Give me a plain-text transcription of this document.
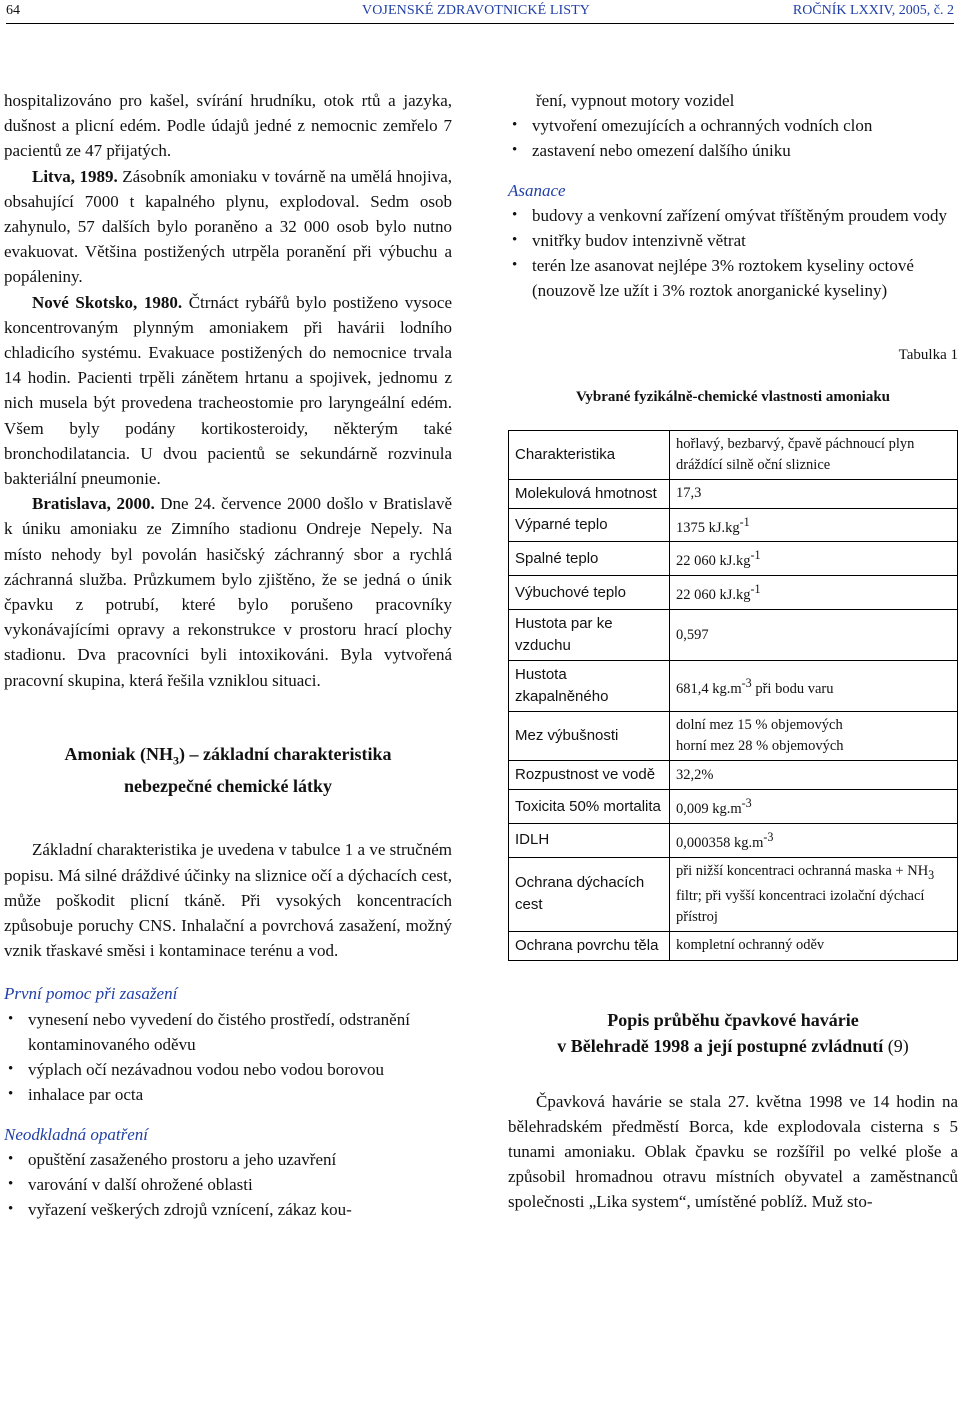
64	VOJENSKÉ ZDRAVOTNICKÉ LISTY	ROČNÍK LXXIV, 2005, č. 2

hospitalizováno pro kašel, svírání hrudníku, otok rtů a jazyka, dušnost a plicní edém. Podle údajů jedné z nemocnic zemřelo 7 pacientů ze 47 přijatých.

Litva, 1989. Zásobník amoniaku v továrně na umělá hnojiva, obsahující 7000 t kapalného plynu, explodoval. Sedm osob zahynulo, 57 dalších bylo poraněno a 32 000 osob bylo nutno evakuovat. Většina postižených utrpěla poranění při výbuchu a popáleniny.

Nové Skotsko, 1980. Čtrnáct rybářů bylo postiženo vysoce koncentrovaným plynným amoniakem při havárii lodního chladicího systému. Evakuace postižených do nemocnice trvala 14 hodin. Pacienti trpěli zánětem hrtanu a spojivek, jednomu z nich musela být provedena tracheostomie pro laryngeální edém. Všem byly podány kortikosteroidy, některým také bronchodilatancia. U dvou pacientů se sekundárně rozvinula bakteriální pneumonie.

Bratislava, 2000. Dne 24. července 2000 došlo v Bratislavě k úniku amoniaku ze Zimního stadionu Ondreje Nepely. Na místo nehody byl povolán hasičský záchranný sbor a rychlá záchranná služba. Průzkumem bylo zjištěno, že se jedná o únik čpavku z potrubí, které bylo porušeno pracovníky vykonávajícími opravy a rekonstrukce v prostoru hrací plochy stadionu. Dva pracovníci byli intoxikováni. Byla vytvořená pracovní skupina, která řešila vzniklou situaci.

Amoniak $(NH_3)$ – základní charakteristika
nebezpečné chemické látky

Základní charakteristika je uvedena v tabulce 1 a ve stručném popisu. Má silné dráždivé účinky na sliznice očí a dýchacích cest, může poškodit plicní tkáně. Při vysokých koncentracích způsobuje poruchy CNS. Inhalační a povrchová zasažení, možný vznik třaskavé směsi i kontaminace terénu a vod.

První pomoc při zasažení

• vynesení nebo vyvedení do čistého prostředí, odstranění kontaminovaného oděvu
• výplach očí nezávadnou vodou nebo vodou borovou
• inhalace par octa

Neodkladná opatření

• opuštění zasaženého prostoru a jeho uzavření
• varování v další ohrožené oblasti
• vyřazení veškerých zdrojů vznícení, zákaz kou-

ření, vypnout motory vozidel

• vytvoření omezujících a ochranných vodních clon
• zastavení nebo omezení dalšího úniku

Asanace

• budovy a venkovní zařízení omývat tříštěným proudem vody
• vnitřky budov intenzivně větrat
• terén lze asanovat nejlépe 3% roztokem kyseliny octové (nouzově lze užít i 3% roztok anorganické kyseliny)
Tabulka 1
Vybrané fyzikálně-chemické vlastnosti amoniaku
Charakteristika	hořlavý, bezbarvý, čpavě páchnoucí plyn dráždící silně oční sliznice
Molekulová hmotnost	17,3
Výparné teplo	1375 $kJ.kg^{-1}$
Spalné teplo	22 060 $kJ.kg^{-1}$
Výbuchové teplo	22 060 $kJ.kg^{-1}$
Hustota par ke vzduchu	0,597
Hustota zkapalněného	681,4 $kg.m^{-3}$ při bodu varu
Mez výbušnosti	dolní mez 15 % objemových
horní mez 28 % objemových
Rozpustnost ve vodě	32,2%
Toxicita 50% mortalita	0,009 $kg.m^{-3}$
IDLH	0,000358 $kg.m^{-3}$
Ochrana dýchacích cest	při nižší koncentraci ochranná maska + $NH_3$ filtr; při vyšší koncentraci izolační dýchací přístroj
Ochrana povrchu těla	kompletní ochranný oděv
Popis průběhu čpavkové havárie
v Bělehradě 1998 a její postupné zvládnutí (9)

Čpavková havárie se stala 27. května 1998 ve 14 hodin na bělehradském předměstí Borca, kde explodovala cisterna s 5 tunami amoniaku. Oblak čpavku se rozšířil po velké ploše a způsobil hromadnou otravu místních obyvatel a zaměstnanců společnosti „Lika system“, umístěné poblíž. Muž sto-
